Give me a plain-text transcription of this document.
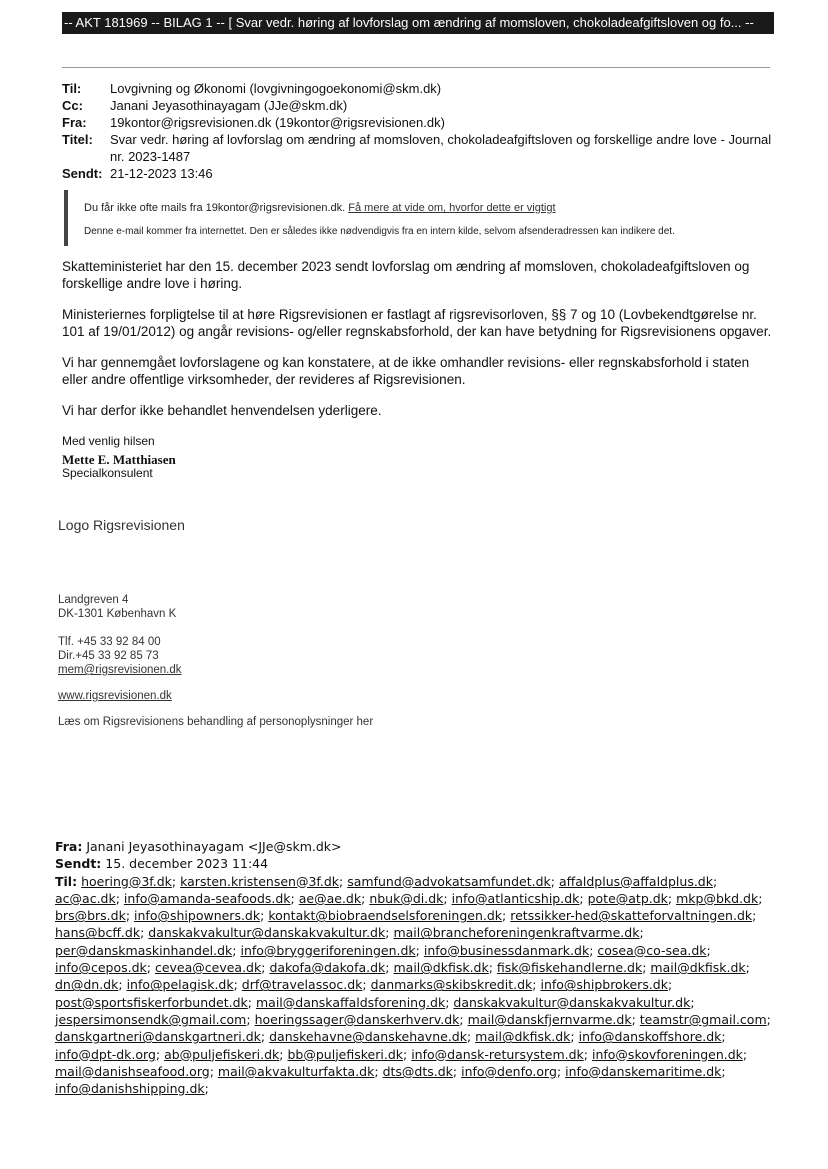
-- AKT 181969 -- BILAG 1 -- [ Svar vedr. høring af lovforslag om ændring af momsloven, chokoladeafgiftsloven og fo... --
Til:	Lovgivning og Økonomi (lovgivningogoekonomi@skm.dk)
Cc:	Janani Jeyasothinayagam (JJe@skm.dk)
Fra:	19kontor@rigsrevisionen.dk (19kontor@rigsrevisionen.dk)
Titel:	Svar vedr. høring af lovforslag om ændring af momsloven, chokoladeafgiftsloven og forskellige andre love - Journal nr. 2023-1487
Sendt: 21-12-2023 13:46
Du får ikke ofte mails fra 19kontor@rigsrevisionen.dk. Få mere at vide om, hvorfor dette er vigtigt
Denne e-mail kommer fra internettet. Den er således ikke nødvendigvis fra en intern kilde, selvom afsenderadressen kan indikere det.

Skatteministeriet har den 15. december 2023 sendt lovforslag om ændring af momsloven, chokoladeafgiftsloven og forskellige andre love i høring.

Ministeriernes forpligtelse til at høre Rigsrevisionen er fastlagt af rigsrevisorloven, §§ 7 og 10 (Lovbekendtgørelse nr. 101 af 19/01/2012) og angår revisions- og/eller regnskabsforhold, der kan have betydning for Rigsrevisionens opgaver.

Vi har gennemgået lovforslagene og kan konstatere, at de ikke omhandler revisions- eller regnskabsforhold i staten eller andre offentlige virksomheder, der revideres af Rigsrevisionen.

Vi har derfor ikke behandlet henvendelsen yderligere.

Med venlig hilsen

Mette E. Matthiasen
Specialkonsulent
Logo Rigsrevisionen
Landgreven 4
DK-1301 København K
Tlf. +45 33 92 84 00
Dir.+45 33 92 85 73
mem@rigsrevisionen.dk
www.rigsrevisionen.dk
Læs om Rigsrevisionens behandling af personoplysninger her
Fra: Janani Jeyasothinayagam <JJe@skm.dk>
Sendt: 15. december 2023 11:44
Til: hoering@3f.dk; karsten.kristensen@3f.dk; samfund@advokatsamfundet.dk; affaldplus@affaldplus.dk; ac@ac.dk; info@amanda-seafoods.dk; ae@ae.dk; nbuk@di.dk; info@atlanticship.dk; pote@atp.dk; mkp@bkd.dk; brs@brs.dk; info@shipowners.dk; kontakt@biobraendselsforeningen.dk; retssikker-hed@skatteforvaltningen.dk; hans@bcff.dk; danskakvakultur@danskakvakultur.dk; mail@brancheforeningenkraftvarme.dk; per@danskmaskinhandel.dk; info@bryggeriforeningen.dk; info@businessdanmark.dk; cosea@co-sea.dk; info@cepos.dk; cevea@cevea.dk; dakofa@dakofa.dk; mail@dkfisk.dk; fisk@fiskehandlerne.dk; mail@dkfisk.dk; dn@dn.dk; info@pelagisk.dk; drf@travelassoc.dk; danmarks@skibskredit.dk; info@shipbrokers.dk; post@sportsfiskerforbundet.dk; mail@danskaffaldsforening.dk; danskakvakultur@danskakvakultur.dk; jespersimonsendk@gmail.com; hoeringssager@danskerhverv.dk; mail@danskfjernvarme.dk; teamstr@gmail.com; danskgartneri@danskgartneri.dk; danskehavne@danskehavne.dk; mail@dkfisk.dk; info@danskoffshore.dk; info@dpt-dk.org; ab@puljefiskeri.dk; bb@puljefiskeri.dk; info@dansk-retursystem.dk; info@skovforeningen.dk; mail@danishseafood.org; mail@akvakulturfakta.dk; dts@dts.dk; info@denfo.org; info@danskemaritime.dk; info@danishshipping.dk;
